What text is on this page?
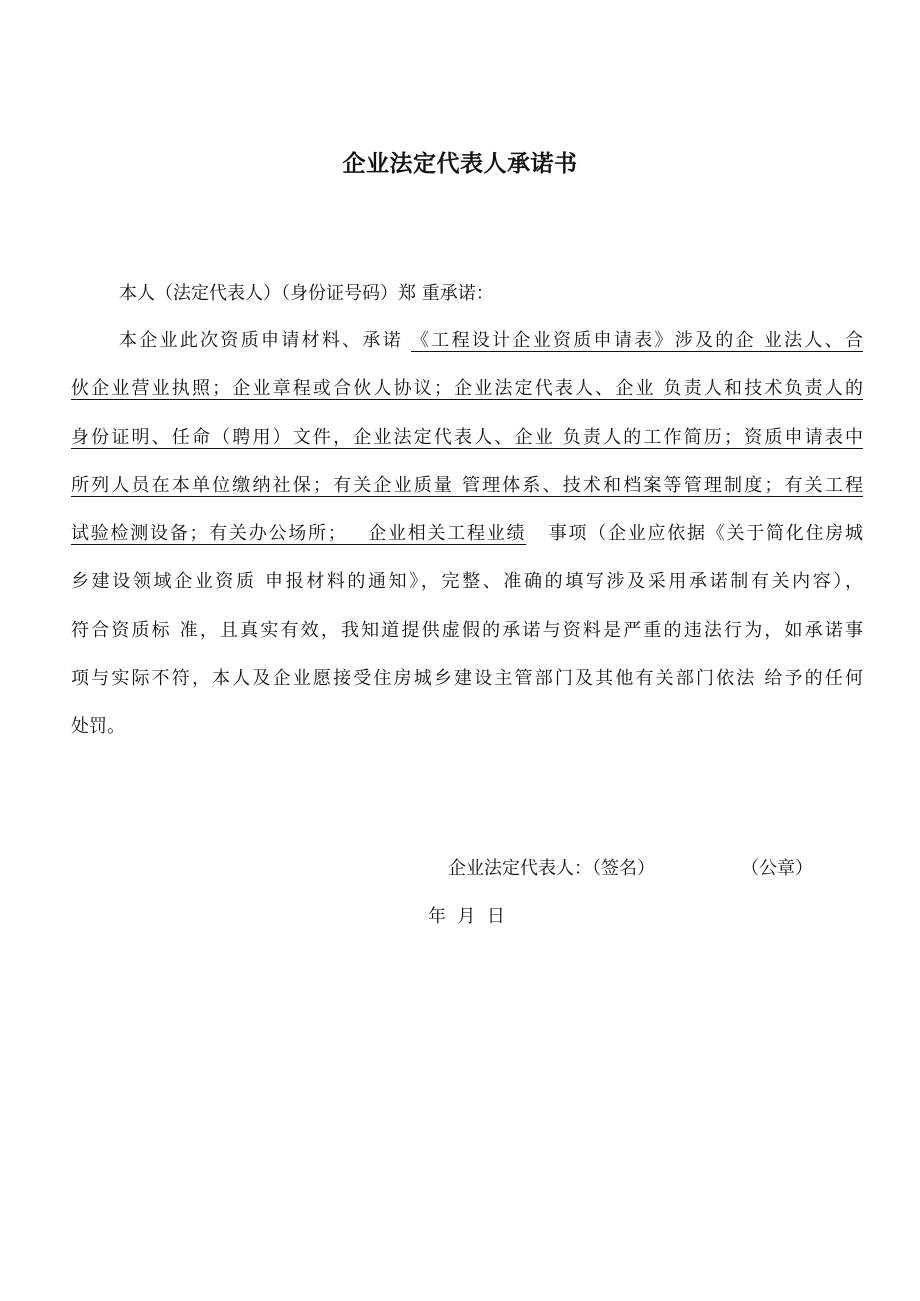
企业法定代表人承诺书
本人（法定代表人）（身份证号码）郑 重承诺：
本企业此次资质申请材料、承诺 《工程设计企业资质申请表》涉及的企 业法人、合
伙企业营业执照；企业章程或合伙人协议；企业法定代表人、企业 负责人和技术负责人的
身份证明、任命（聘用）文件，企业法定代表人、企业 负责人的工作简历；资质申请表中
所列人员在本单位缴纳社保；有关企业质量 管理体系、技术和档案等管理制度；有关工程
试验检测设备；有关办公场所；   企业相关工程业绩   事项（企业应依据《关于简化住房城
乡建设领域企业资质 申报材料的通知》，完整、准确的填写涉及采用承诺制有关内容），
符合资质标 准，且真实有效，我知道提供虚假的承诺与资料是严重的违法行为，如承诺事
项与实际不符，本人及企业愿接受住房城乡建设主管部门及其他有关部门依法 给予的任何
处罚。
企业法定代表人：（签名）	（公章）
年  月  日
